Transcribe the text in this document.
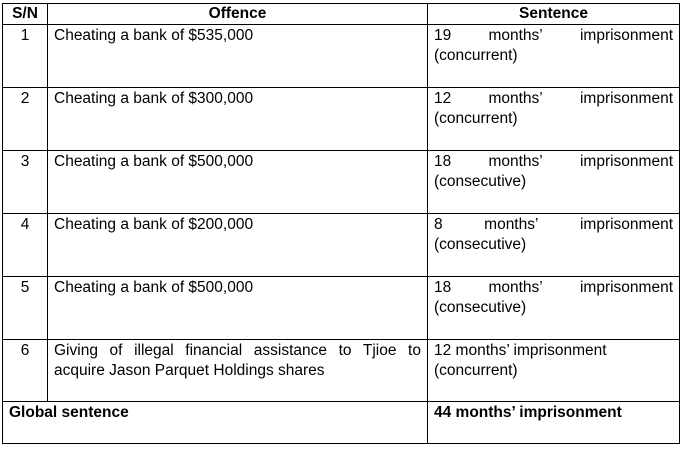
S/N	Offence	Sentence
1	Cheating a bank of $535,000	19 months’ imprisonment
(concurrent)

2	Cheating a bank of $300,000	12 months’ imprisonment
(concurrent)

3	Cheating a bank of $500,000	18 months’ imprisonment
(consecutive)

4	Cheating a bank of $200,000	8 months’ imprisonment
(consecutive)

5	Cheating a bank of $500,000	18 months’ imprisonment
(consecutive)

6	Giving of illegal financial assistance to Tjioe to acquire Jason Parquet Holdings shares	12 months’ imprisonment
(concurrent)

Global sentence		44 months’ imprisonment
